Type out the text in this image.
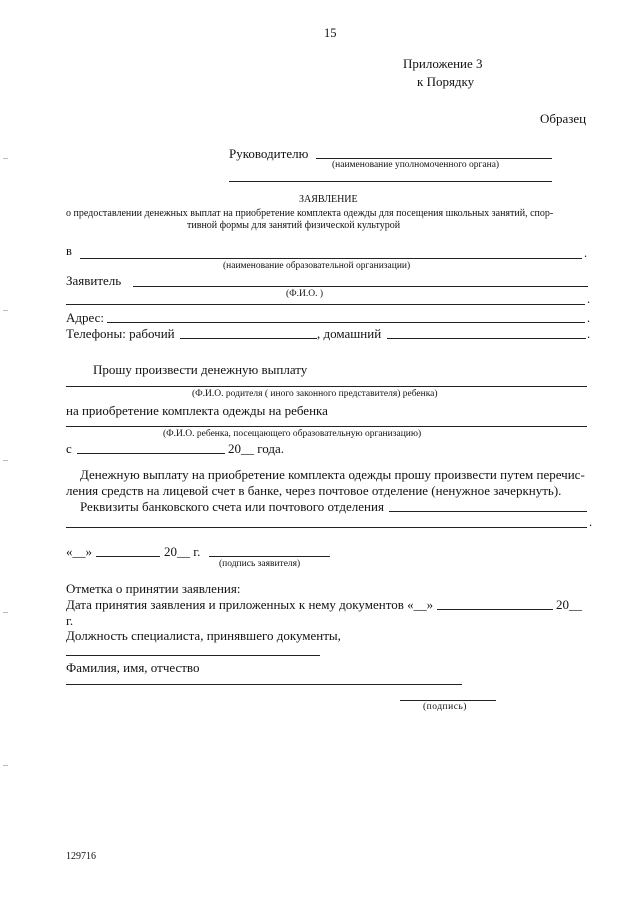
15
Приложение 3
к Порядку
Образец
Руководителю
(наименование уполномоченного органа)
ЗАЯВЛЕНИЕ
о предоставлении денежных выплат на приобретение комплекта одежды для посещения школьных занятий, спор-
тивной формы для занятий физической культурой
в	.
(наименование образовательной организации)
Заявитель
(Ф.И.О. )	.
Адрес:	.
Телефоны: рабочий	, домашний	.
Прошу произвести денежную выплату
(Ф.И.О. родителя ( иного законного представителя) ребенка)
на приобретение комплекта одежды на ребенка
(Ф.И.О. ребенка, посещающего образовательную организацию)
с	20__ года.
Денежную выплату на приобретение комплекта одежды прошу произвести путем перечис-
ления средств на лицевой счет в банке, через почтовое отделение (ненужное зачеркнуть).
Реквизиты банковского счета или почтового отделения
.
«__»	20__ г.
(подпись заявителя)
Отметка о принятии заявления:
Дата принятия заявления и приложенных к нему документов «__»	20__
г.
Должность специалиста, принявшего документы,
Фамилия, имя, отчество
(подпись)
129716
